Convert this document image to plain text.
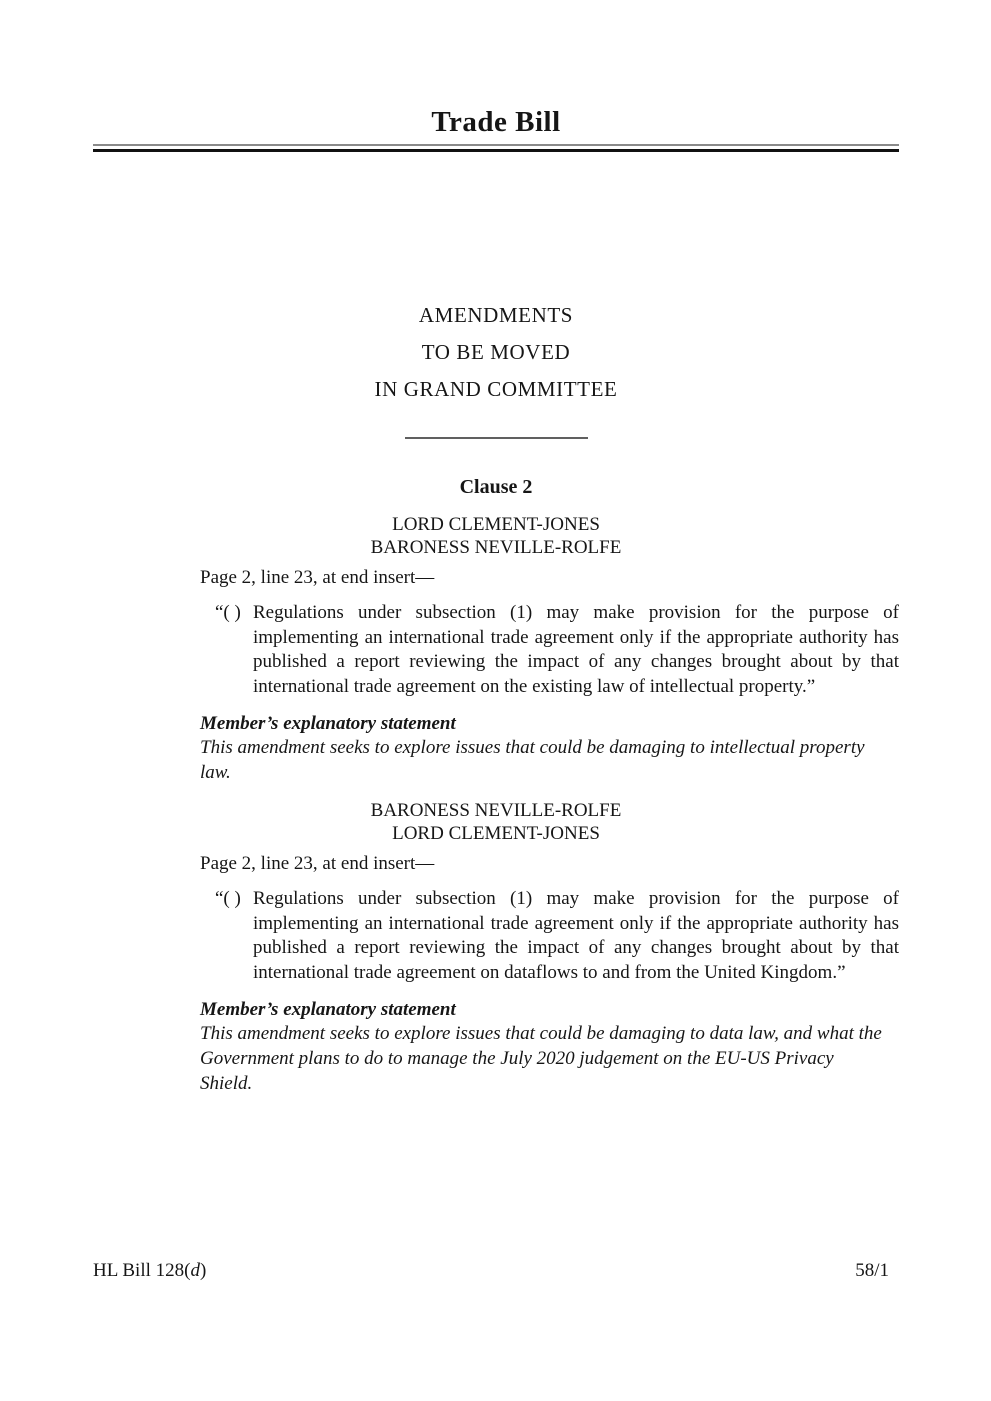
Trade Bill
AMENDMENTS
TO BE MOVED
IN GRAND COMMITTEE
Clause 2
LORD CLEMENT-JONES
BARONESS NEVILLE-ROLFE
Page 2, line 23, at end insert—
“( ) Regulations under subsection (1) may make provision for the purpose of implementing an international trade agreement only if the appropriate authority has published a report reviewing the impact of any changes brought about by that international trade agreement on the existing law of intellectual property.”
Member’s explanatory statement
This amendment seeks to explore issues that could be damaging to intellectual property law.
BARONESS NEVILLE-ROLFE
LORD CLEMENT-JONES
Page 2, line 23, at end insert—
“( ) Regulations under subsection (1) may make provision for the purpose of implementing an international trade agreement only if the appropriate authority has published a report reviewing the impact of any changes brought about by that international trade agreement on dataflows to and from the United Kingdom.”
Member’s explanatory statement
This amendment seeks to explore issues that could be damaging to data law, and what the Government plans to do to manage the July 2020 judgement on the EU-US Privacy Shield.
HL Bill 128(d)	58/1
